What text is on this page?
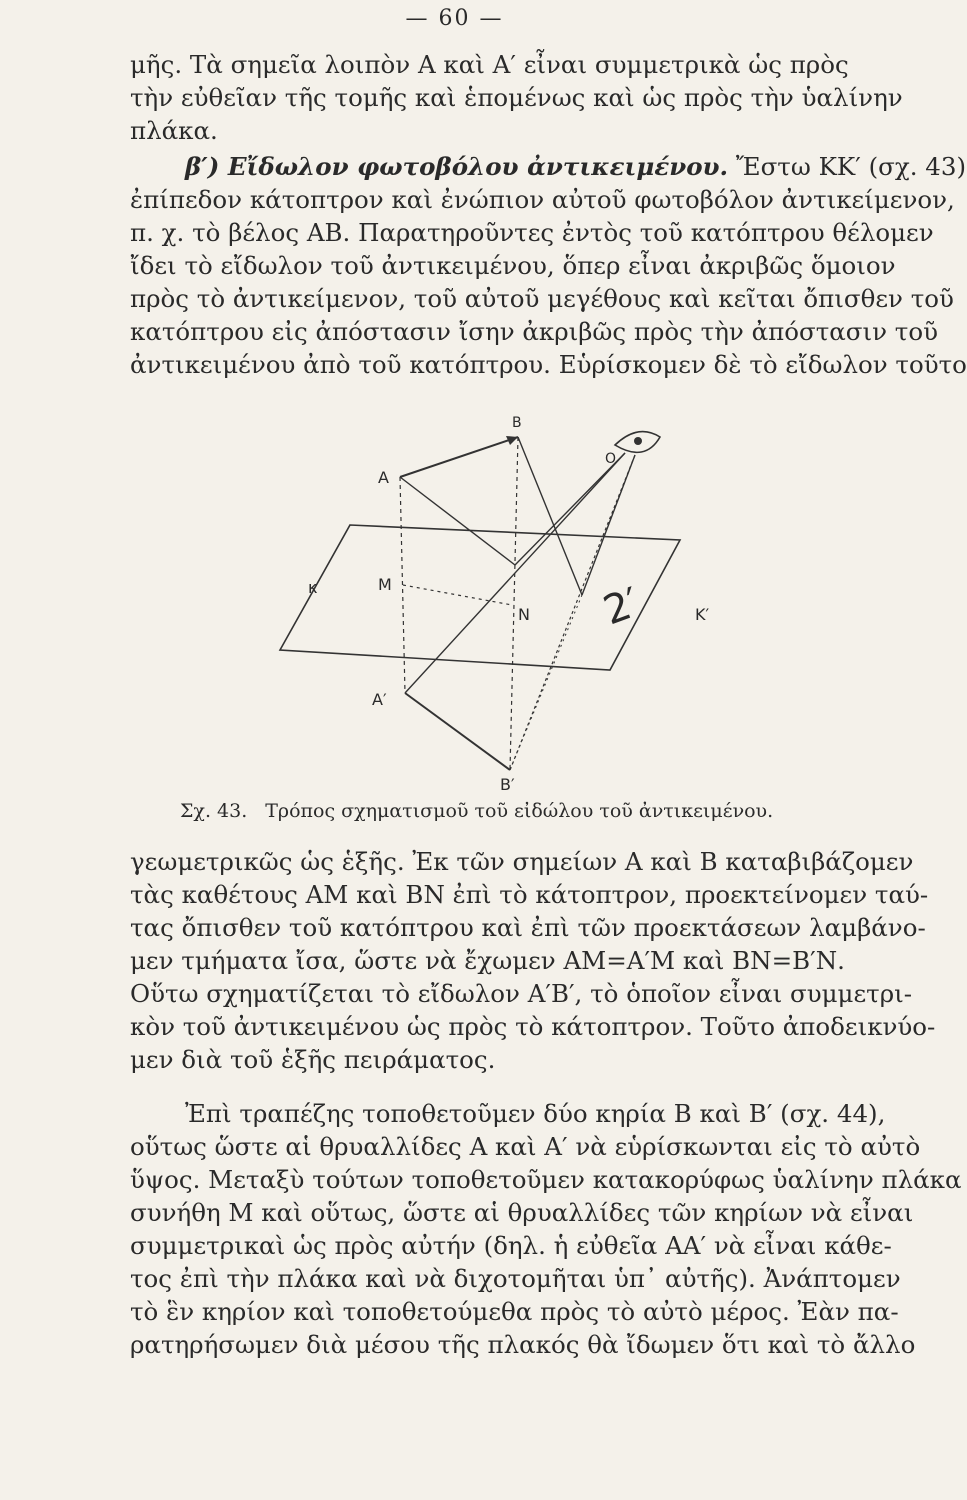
— 60 —
μῆς. Τὰ σημεῖα λοιπὸν Α καὶ Α′ εἶναι συμμετρικὰ ὡς πρὸς
τὴν εὐθεῖαν τῆς τομῆς καὶ ἑπομένως καὶ ὡς πρὸς τὴν ὑαλίνην
πλάκα.
β′) Εἴδωλον φωτοβόλου ἀντικειμένου. Ἔστω ΚΚ′ (σχ. 43)
ἐπίπεδον κάτοπτρον καὶ ἐνώπιον αὐτοῦ φωτοβόλον ἀντικείμενον,
π. χ. τὸ βέλος ΑΒ. Παρατηροῦντες ἐντὸς τοῦ κατόπτρου θέλομεν
ἴδει τὸ εἴδωλον τοῦ ἀντικειμένου, ὅπερ εἶναι ἀκριβῶς ὅμοιον
πρὸς τὸ ἀντικείμενον, τοῦ αὐτοῦ μεγέθους καὶ κεῖται ὄπισθεν τοῦ
κατόπτρου εἰς ἀπόστασιν ἴσην ἀκριβῶς πρὸς τὴν ἀπόστασιν τοῦ
ἀντικειμένου ἀπὸ τοῦ κατόπτρου. Εὑρίσκομεν δὲ τὸ εἴδωλον τοῦτο
A
Β
O
M
N
κ
K′
A′
B′
2′
Σχ. 43. Τρόπος σχηματισμοῦ τοῦ εἰδώλου τοῦ ἀντικειμένου.
γεωμετρικῶς ὡς ἑξῆς. Ἐκ τῶν σημείων Α καὶ Β καταβιβάζομεν
τὰς καθέτους ΑΜ καὶ ΒΝ ἐπὶ τὸ κάτοπτρον, προεκτείνομεν ταύ-
τας ὄπισθεν τοῦ κατόπτρου καὶ ἐπὶ τῶν προεκτάσεων λαμβάνο-
μεν τμήματα ἴσα, ὥστε νὰ ἔχωμεν ΑΜ=Α′Μ καὶ ΒΝ=Β′Ν.
Οὕτω σχηματίζεται τὸ εἴδωλον Α′Β′, τὸ ὁποῖον εἶναι συμμετρι-
κὸν τοῦ ἀντικειμένου ὡς πρὸς τὸ κάτοπτρον. Τοῦτο ἀποδεικνύο-
μεν διὰ τοῦ ἑξῆς πειράματος.
Ἐπὶ τραπέζης τοποθετοῦμεν δύο κηρία Β καὶ Β′ (σχ. 44),
οὕτως ὥστε αἱ θρυαλλίδες Α καὶ Α′ νὰ εὑρίσκωνται εἰς τὸ αὐτὸ
ὕψος. Μεταξὺ τούτων τοποθετοῦμεν κατακορύφως ὑαλίνην πλάκα
συνήθη Μ καὶ οὕτως, ὥστε αἱ θρυαλλίδες τῶν κηρίων νὰ εἶναι
συμμετρικαὶ ὡς πρὸς αὐτήν (δηλ. ἡ εὐθεῖα ΑΑ′ νὰ εἶναι κάθε-
τος ἐπὶ τὴν πλάκα καὶ νὰ διχοτομῆται ὑπ᾽ αὐτῆς). Ἀνάπτομεν
τὸ ἓν κηρίον καὶ τοποθετούμεθα πρὸς τὸ αὐτὸ μέρος. Ἐὰν πα-
ρατηρήσωμεν διὰ μέσου τῆς πλακός θὰ ἴδωμεν ὅτι καὶ τὸ ἄλλο
